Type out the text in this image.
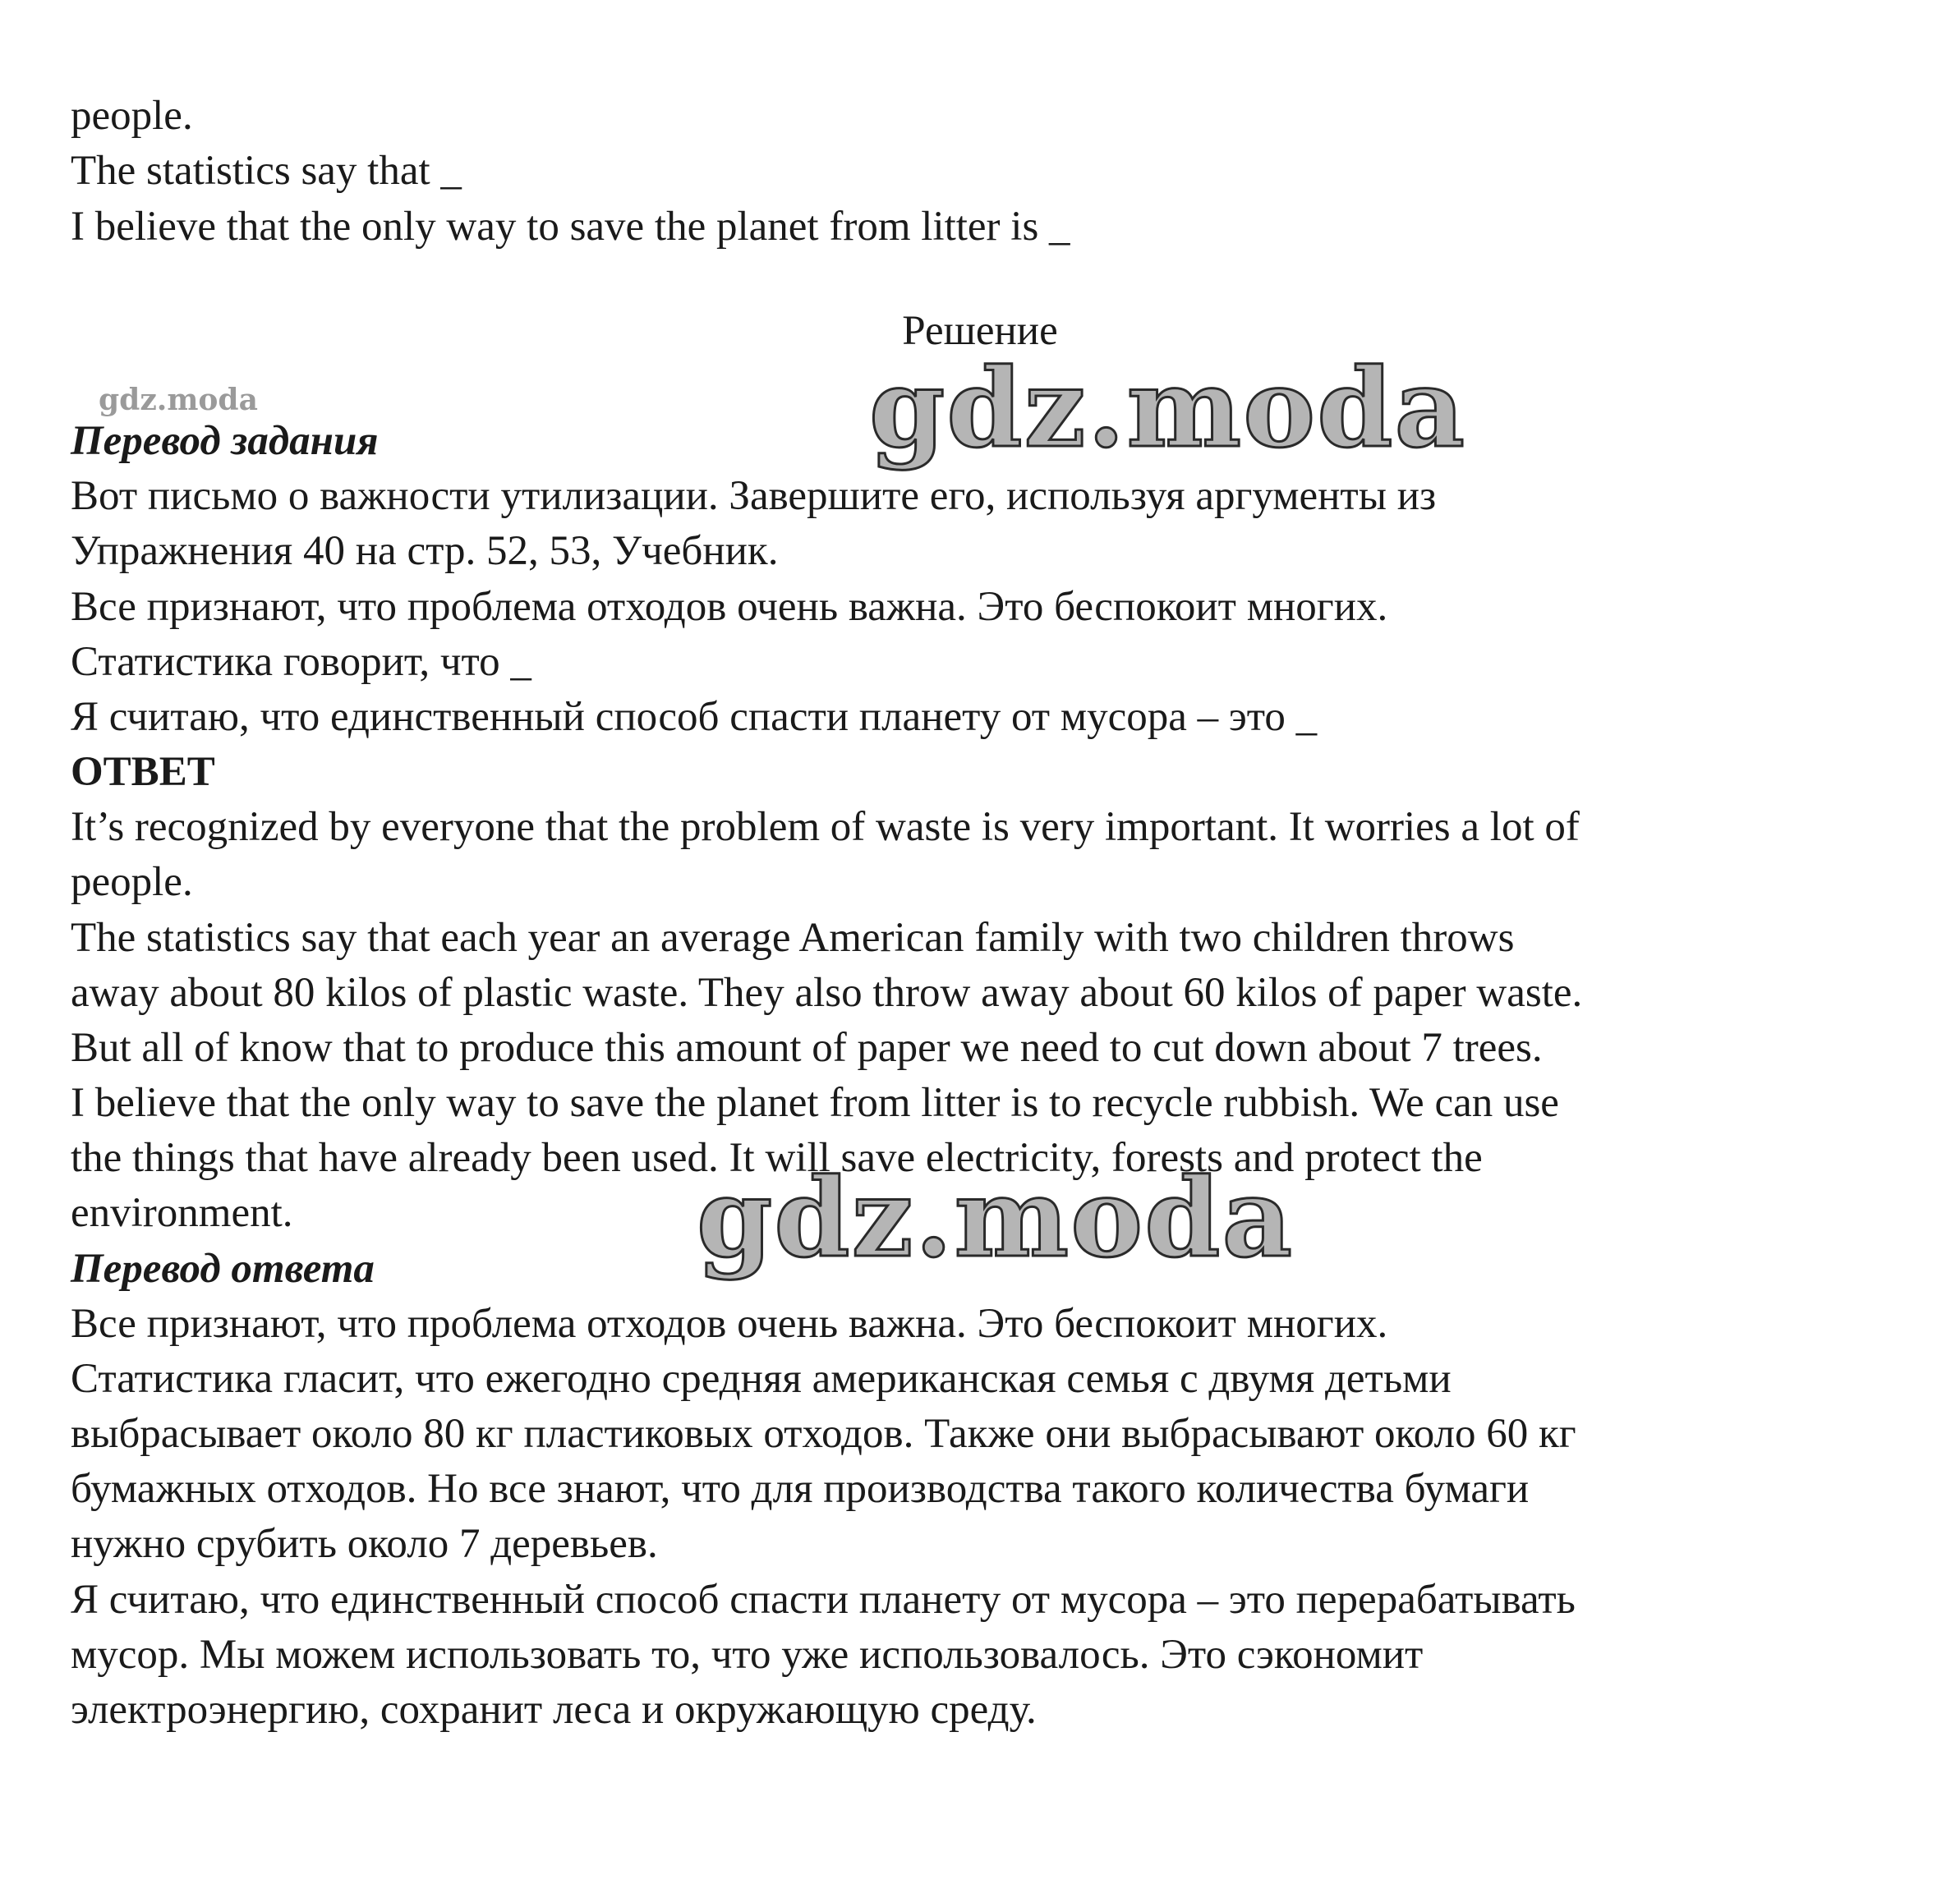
people.
The statistics say that _
I believe that the only way to save the planet from litter is _
Решение
gdz.moda
Перевод задания
Вот письмо о важности утилизации. Завершите его, используя аргументы из
Упражнения 40 на стр. 52, 53, Учебник.
Все признают, что проблема отходов очень важна. Это беспокоит многих.
Статистика говорит, что _
Я считаю, что единственный способ спасти планету от мусора – это _
ОТВЕТ
It’s recognized by everyone that the problem of waste is very important. It worries a lot of
people.
The statistics say that each year an average American family with two children throws
away about 80 kilos of plastic waste. They also throw away about 60 kilos of paper waste.
But all of know that to produce this amount of paper we need to cut down about 7 trees.
I believe that the only way to save the planet from litter is to recycle rubbish. We can use
the things that have already been used. It will save electricity, forests and protect the
environment.
Перевод ответа
Все признают, что проблема отходов очень важна. Это беспокоит многих.
Статистика гласит, что ежегодно средняя американская семья с двумя детьми
выбрасывает около 80 кг пластиковых отходов. Также они выбрасывают около 60 кг
бумажных отходов. Но все знают, что для производства такого количества бумаги
нужно срубить около 7 деревьев.
Я считаю, что единственный способ спасти планету от мусора – это перерабатывать
мусор. Мы можем использовать то, что уже использовалось. Это сэкономит
электроэнергию, сохранит леса и окружающую среду.
gdz.moda
gdz.moda
